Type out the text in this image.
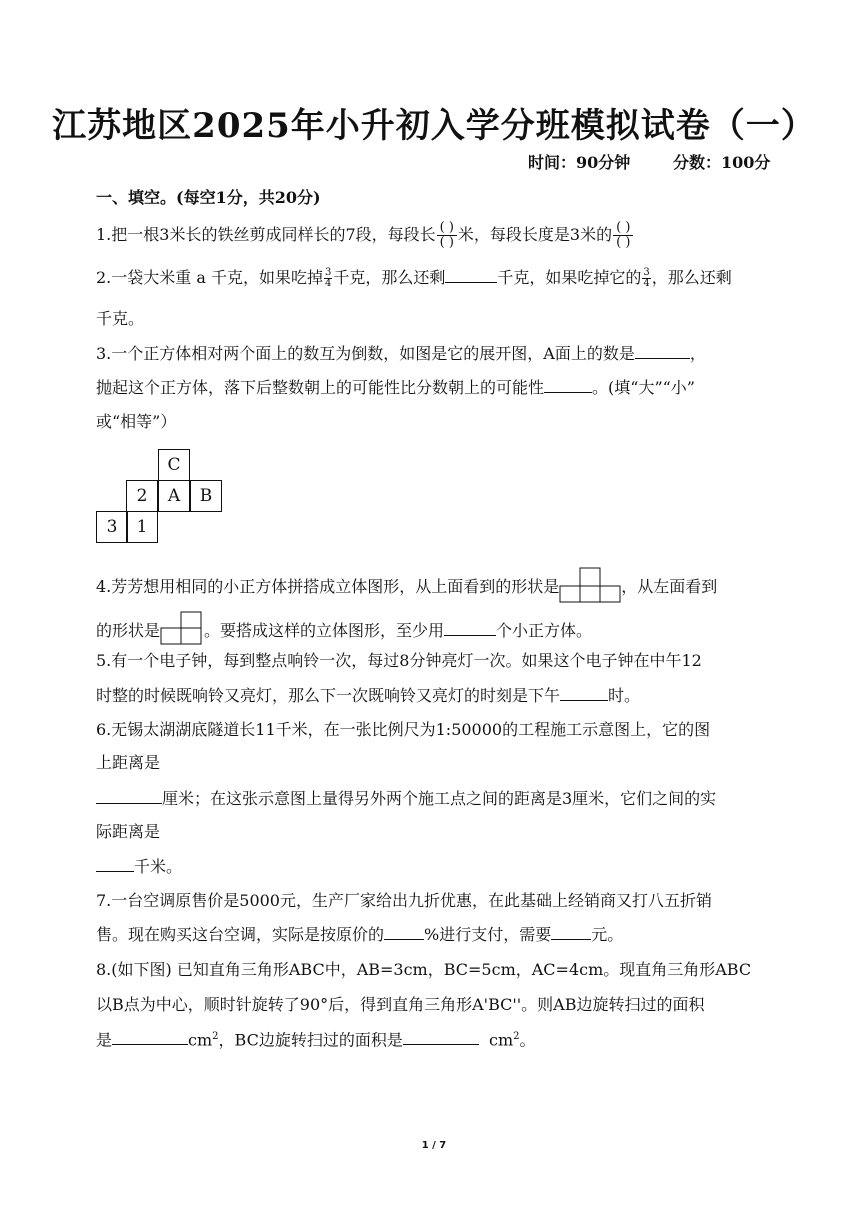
江苏地区2025年小升初入学分班模拟试卷（一）
时间：90分钟	分数：100分
一、填空。(每空1分，共20分)
1.把一根3米长的铁丝剪成同样长的7段，每段长 $\frac{( )}{( )}$ 米，每段长度是3米的 $\frac{( )}{( )}$
2.一袋大米重 a 千克，如果吃掉 $\frac{3}{4}$ 千克，那么还剩	千克，如果吃掉它的 $\frac{3}{4}$ ，那么还剩
千克。
3.一个正方体相对两个面上的数互为倒数，如图是它的展开图，A面上的数是	，
抛起这个正方体，落下后整数朝上的可能性比分数朝上的可能性	。(填“大”“小”
或“相等”）
C
2	A	B
3	1
4.芳芳想用相同的小正方体拼搭成立体图形，从上面看到的形状是	，从左面看到
的形状是	。要搭成这样的立体图形，至少用	个小正方体。
5.有一个电子钟，每到整点响铃一次，每过8分钟亮灯一次。如果这个电子钟在中午12
时整的时候既响铃又亮灯，那么下一次既响铃又亮灯的时刻是下午	时。
6.无锡太湖湖底隧道长11千米，在一张比例尺为1:50000的工程施工示意图上，它的图
上距离是
厘米；在这张示意图上量得另外两个施工点之间的距离是3厘米，它们之间的实
际距离是
千米。
7.一台空调原售价是5000元，生产厂家给出九折优惠，在此基础上经销商又打八五折销
售。现在购买这台空调，实际是按原价的	%进行支付，需要	元。
8.(如下图) 已知直角三角形ABC中，AB=3cm，BC=5cm，AC=4cm。现直角三角形ABC
以B点为中心，顺时针旋转了90°后，得到直角三角形A'BC''。则AB边旋转扫过的面积
是	$cm^2$，BC边旋转扫过的面积是	$cm^2$。
1 / 7
